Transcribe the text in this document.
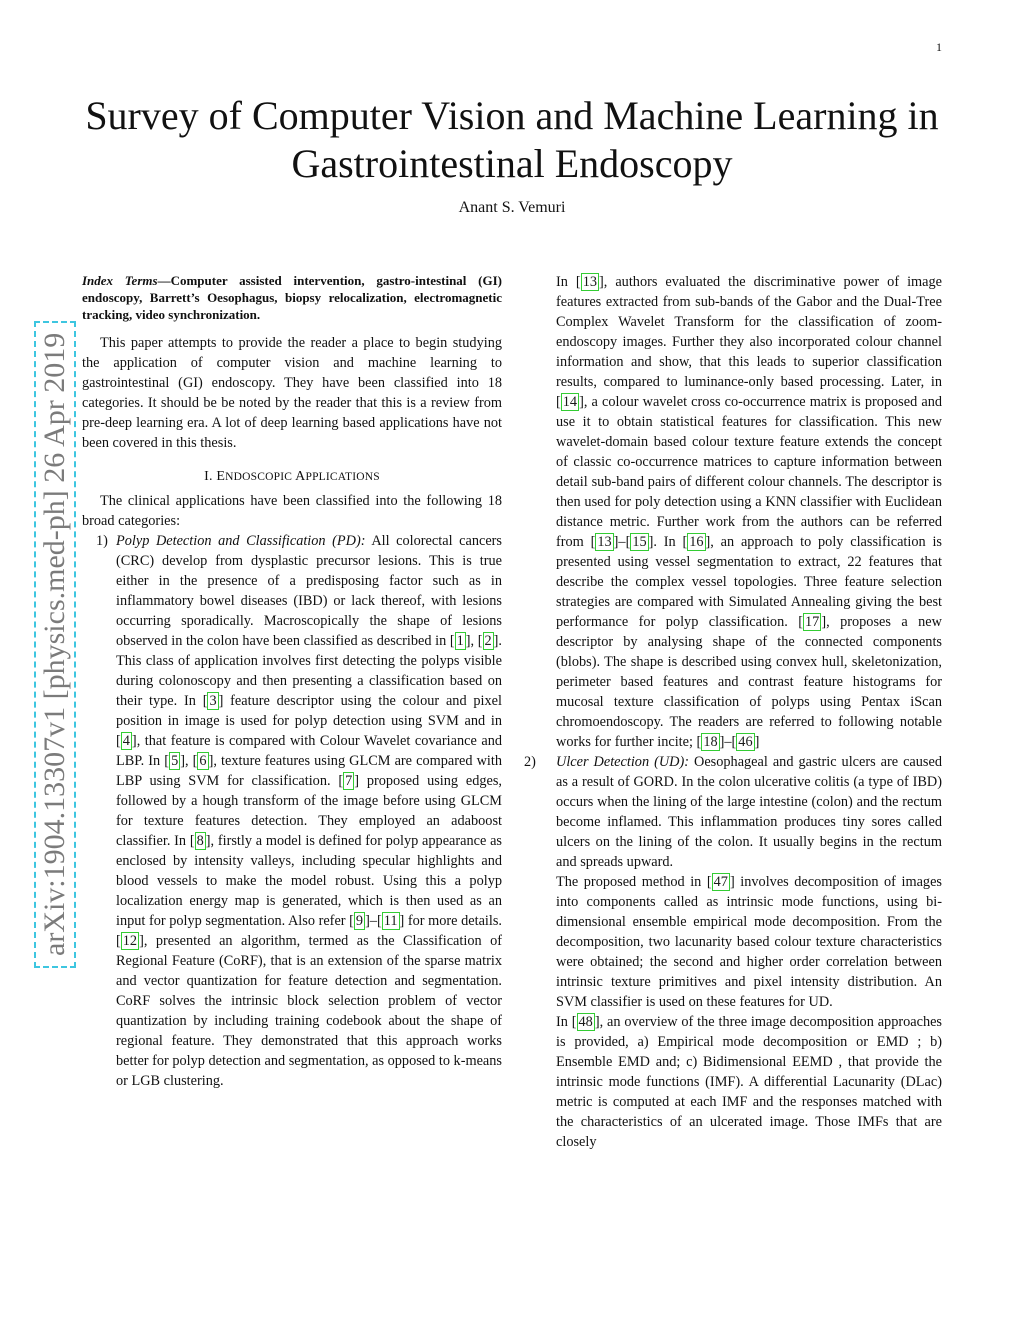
1
Survey of Computer Vision and Machine Learning in Gastrointestinal Endoscopy
Anant S. Vemuri
arXiv:1904.13307v1 [physics.med-ph] 26 Apr 2019

Index Terms—Computer assisted intervention, gastro-intestinal (GI) endoscopy, Barrett’s Oesophagus, biopsy relocalization, electromagnetic tracking, video synchronization.

This paper attempts to provide the reader a place to begin studying the application of computer vision and machine learning to gastrointestinal (GI) endoscopy. They have been classified into 18 categories. It should be be noted by the reader that this is a review from pre-deep learning era. A lot of deep learning based applications have not been covered in this thesis.

I. ENDOSCOPIC APPLICATIONS

The clinical applications have been classified into the following 18 broad categories:

1) Polyp Detection and Classification (PD): All colorectal cancers (CRC) develop from dysplastic precursor lesions. This is true either in the presence of a predisposing factor such as in inflammatory bowel diseases (IBD) or lack thereof, with lesions occurring sporadically. Macroscopically the shape of lesions observed in the colon have been classified as described in [ 1 ], [ 2 ]. This class of application involves first detecting the polyps visible during colonoscopy and then presenting a classification based on their type. In [ 3 ] feature descriptor using the colour and pixel position in image is used for polyp detection using SVM and in [ 4 ], that feature is compared with Colour Wavelet covariance and LBP. In [ 5 ], [ 6 ], texture features using GLCM are compared with LBP using SVM for classification. [ 7 ] proposed using edges, followed by a hough transform of the image before using GLCM for texture features detection. They employed an adaboost classifier. In [ 8 ], firstly a model is defined for polyp appearance as enclosed by intensity valleys, including specular highlights and blood vessels to make the model robust. Using this a polyp localization energy map is generated, which is then used as an input for polyp segmentation. Also refer [ 9 ]–[ 11 ] for more details. [ 12 ], presented an algorithm, termed as the Classification of Regional Feature (CoRF), that is an extension of the sparse matrix and vector quantization for feature detection and segmentation. CoRF solves the intrinsic block selection problem of vector quantization by including training codebook about the shape of regional feature. They demonstrated that this approach works better for polyp detection and segmentation, as opposed to k-means or LGB clustering.

In [ 13 ], authors evaluated the discriminative power of image features extracted from sub-bands of the Gabor and the Dual-Tree Complex Wavelet Transform for the classification of zoom-endoscopy images. Further they also incorporated colour channel information and show, that this leads to superior classification results, compared to luminance-only based processing. Later, in [ 14 ], a colour wavelet cross co-occurrence matrix is proposed and use it to obtain statistical features for classification. This new wavelet-domain based colour texture feature extends the concept of classic co-occurrence matrices to capture information between detail sub-band pairs of different colour channels. The descriptor is then used for poly detection using a KNN classifier with Euclidean distance metric. Further work from the authors can be referred from [ 13 ]–[ 15 ]. In [ 16 ], an approach to poly classification is presented using vessel segmentation to extract, 22 features that describe the complex vessel topologies. Three feature selection strategies are compared with Simulated Annealing giving the best performance for polyp classification. [ 17 ], proposes a new descriptor by analysing shape of the connected components (blobs). The shape is described using convex hull, skeletonization, perimeter based features and contrast feature histograms for mucosal texture classification of polyps using Pentax iScan chromoendoscopy. The readers are referred to following notable works for further incite; [ 18 ]–[ 46 ]

2) Ulcer Detection (UD): Oesophageal and gastric ulcers are caused as a result of GORD. In the colon ulcerative colitis (a type of IBD) occurs when the lining of the large intestine (colon) and the rectum become inflamed. This inflammation produces tiny sores called ulcers on the lining of the colon. It usually begins in the rectum and spreads upward.

The proposed method in [ 47 ] involves decomposition of images into components called as intrinsic mode functions, using bi-dimensional ensemble empirical mode decomposition. From the decomposition, two lacunarity based colour texture characteristics were obtained; the second and higher order correlation between intrinsic texture primitives and pixel intensity distribution. An SVM classifier is used on these features for UD.

In [ 48 ], an overview of the three image decomposition approaches is provided, a) Empirical mode decomposition or EMD ; b) Ensemble EMD and; c) Bidimensional EEMD , that provide the intrinsic mode functions (IMF). A differential Lacunarity (DLac) metric is computed at each IMF and the responses matched with the characteristics of an ulcerated image. Those IMFs that are closely
